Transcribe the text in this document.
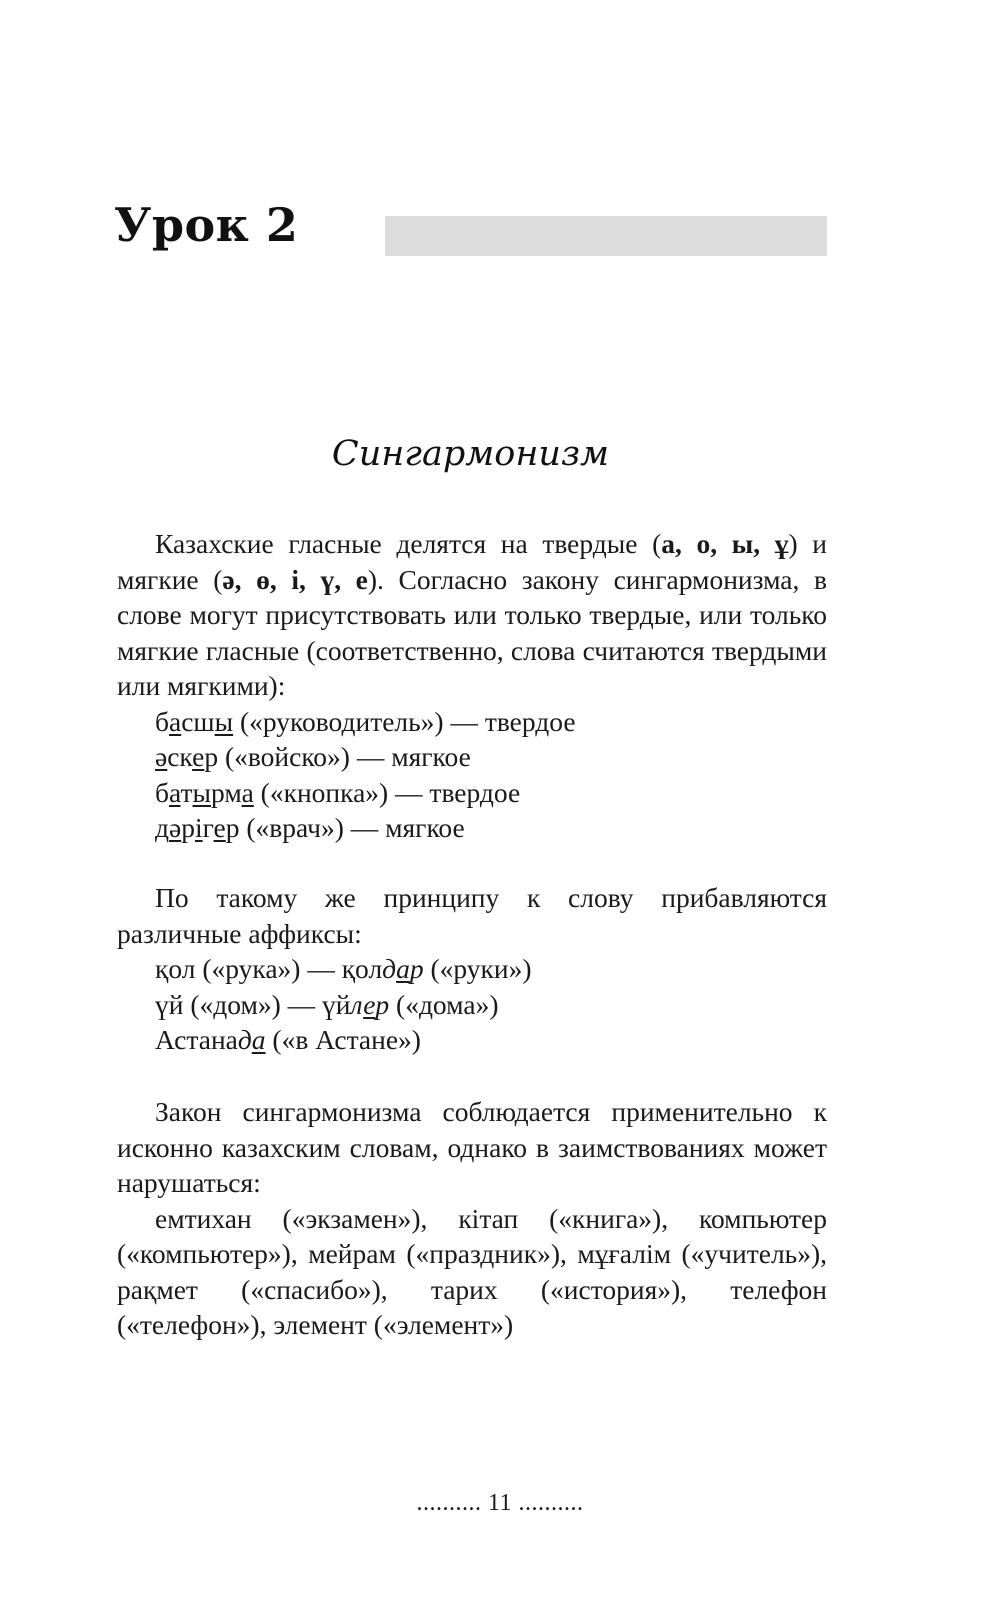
Урок 2
Сингармонизм

Казахские гласные делятся на твердые (а, о, ы, ұ) и мягкие (ә, ө, і, ү, е). Согласно закону сингармонизма, в слове могут присутствовать или только твердые, или только мягкие гласные (соответственно, слова считаются твердыми или мягкими):

басшы («руководитель») — твердое

әскер («войско») — мягкое

батырма («кнопка») — твердое

дәрігер («врач») — мягкое

По такому же принципу к слову прибавляются различные аффиксы:

қол («рука») — қолдар («руки»)

үй («дом») — үйлер («дома»)

Астанада («в Астане»)

Закон сингармонизма соблюдается применительно к исконно казахским словам, однако в заимствованиях может нарушаться:

емтихан («экзамен»), кітап («книга»), компьютер («компьютер»), мейрам («праздник»), мұғалім («учитель»), рақмет («спасибо»), тарих («история»), телефон («телефон»), элемент («элемент»)

.......... 11 ..........
